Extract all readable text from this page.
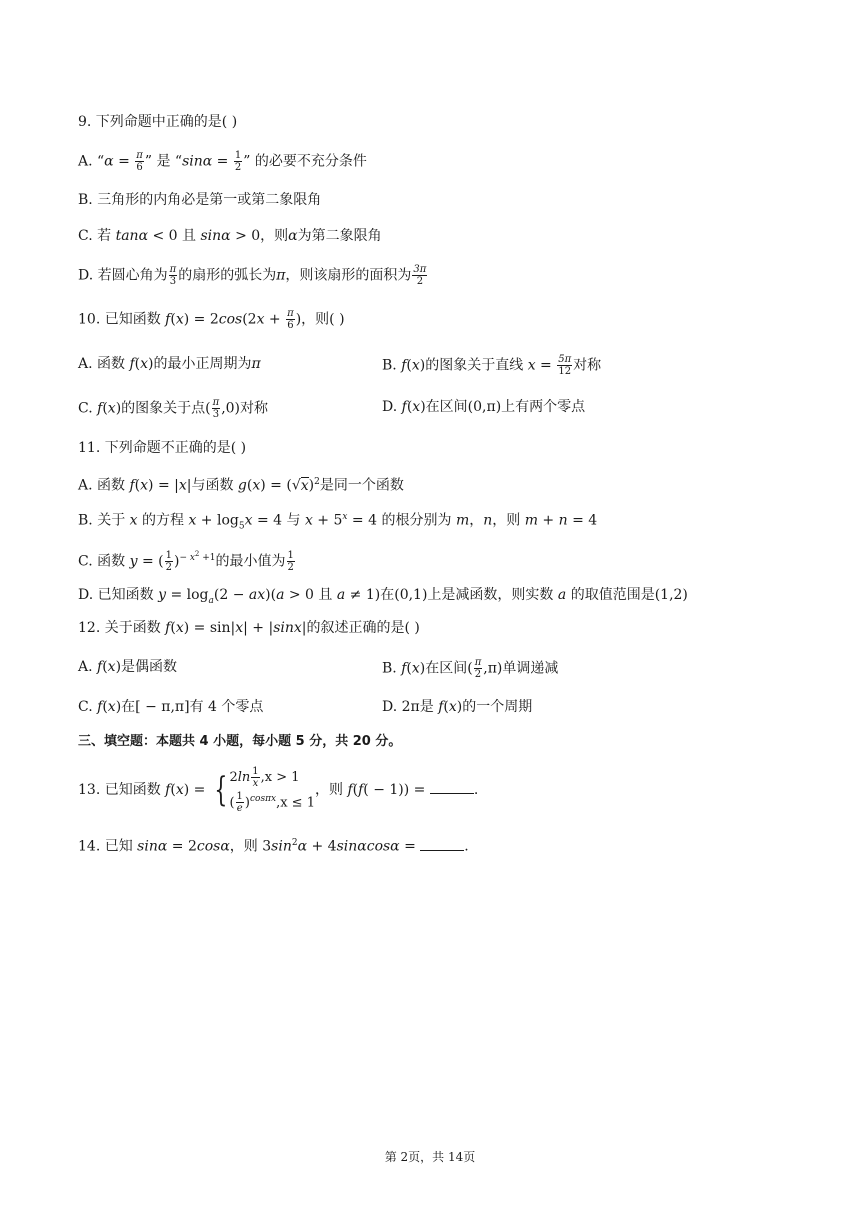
9. 下列命题中正确的是( )
A. “$\alpha = \frac{\pi}{6}$ ” 是 “$\sin\alpha = \frac{1}{2}$ ” 的必要不充分条件
B. 三角形的内角必是第一或第二象限角
C. 若 tanα < 0 且 sinα > 0，则α为第二象限角
D. 若圆心角为 $\frac{\pi}{3}$ 的扇形的弧长为π，则该扇形的面积为 $\frac{3\pi}{2}$
10. 已知函数 $f(x) = 2\cos(2x + \frac{\pi}{6}$ )，则( )
A. 函数 f(x)的最小正周期为π	B. f(x)的图象关于直线 $x = \frac{5\pi}{12}$ 对称
C. f(x)的图象关于点( $\frac{\pi}{3} ,0$)对称	D. f(x)在区间(0,π)上有两个零点
11. 下列命题不正确的是( )
A. 函数 f(x) = |x|与函数 $g(x) = (√x)^2$是同一个函数
B. 关于 x 的方程 $x + \log_5x = 4$ 与 $x + 5^x = 4$ 的根分别为 m，n，则 m + n = 4
C. 函数 y = ( $\frac{1}{2} )^{- x^2 +1}$的最小值为 $\frac{1}{2}$
D. 已知函数 $y = \log_a(2 - ax)(a > 0$ 且 a ≠ 1)在(0,1)上是减函数，则实数 a 的取值范围是(1,2)
12. 关于函数 f(x) = sin|x| + |sinx|的叙述正确的是( )
A. f(x)是偶函数	B. f(x)在区间( $\frac{\pi}{2} ,\pi$)单调递减
C. f(x)在[ − π,π]有 4 个零点	D. 2π是 f(x)的一个周期
三、填空题：本题共 4 小题，每小题 5 分，共 20 分。
13. 已知函数 f(x) = { $2\ln \frac{1}{x} ,x > 1$
( $\frac{1}{e} )^{cos\pi x},x \le 1$
，则 f(f( − 1)) =	.
14. 已知 sinα = 2cosα，则 $3\sin^2\alpha + 4\sin\alpha\cos\alpha$ =	.
第 2页，共 14页
